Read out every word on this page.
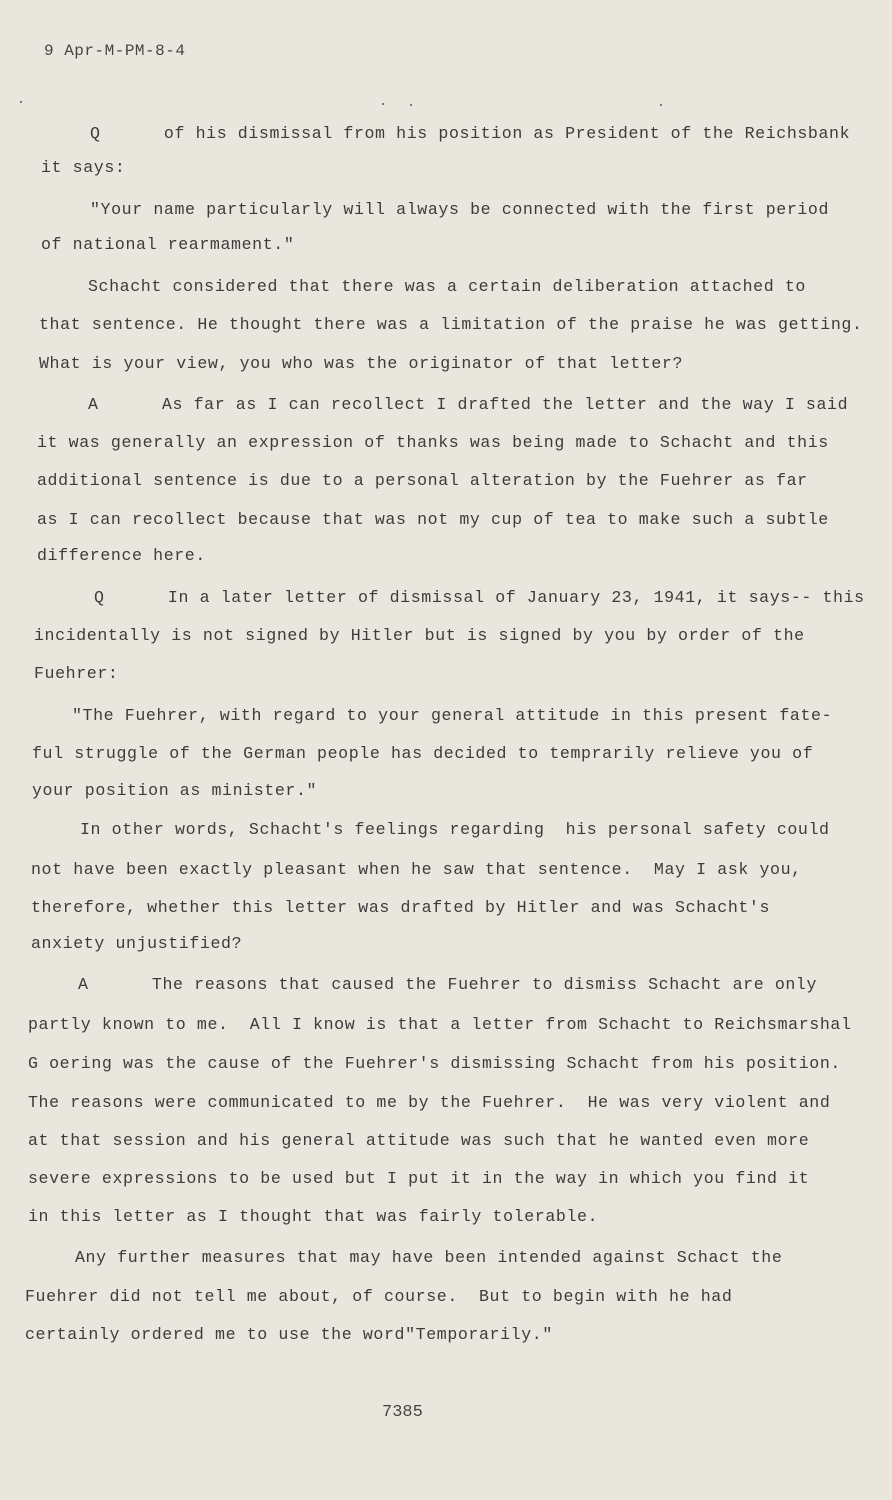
9 Apr-M-PM-8-4
Q      of his dismissal from his position as President of the Reichsbank
it says:
"Your name particularly will always be connected with the first period
of national rearmament."
Schacht considered that there was a certain deliberation attached to
that sentence. He thought there was a limitation of the praise he was getting.
What is your view, you who was the originator of that letter?
A      As far as I can recollect I drafted the letter and the way I said
it was generally an expression of thanks was being made to Schacht and this
additional sentence is due to a personal alteration by the Fuehrer as far
as I can recollect because that was not my cup of tea to make such a subtle
difference here.
Q      In a later letter of dismissal of January 23, 1941, it says-- this
incidentally is not signed by Hitler but is signed by you by order of the
Fuehrer:
"The Fuehrer, with regard to your general attitude in this present fate-
ful struggle of the German people has decided to temprarily relieve you of
your position as minister."
In other words, Schacht's feelings regarding  his personal safety could
not have been exactly pleasant when he saw that sentence.  May I ask you,
therefore, whether this letter was drafted by Hitler and was Schacht's
anxiety unjustified?
A      The reasons that caused the Fuehrer to dismiss Schacht are only
partly known to me.  All I know is that a letter from Schacht to Reichsmarshal
G oering was the cause of the Fuehrer's dismissing Schacht from his position.
The reasons were communicated to me by the Fuehrer.  He was very violent and
at that session and his general attitude was such that he wanted even more
severe expressions to be used but I put it in the way in which you find it
in this letter as I thought that was fairly tolerable.
Any further measures that may have been intended against Schact the
Fuehrer did not tell me about, of course.  But to begin with he had
certainly ordered me to use the word"Temporarily."
7385
